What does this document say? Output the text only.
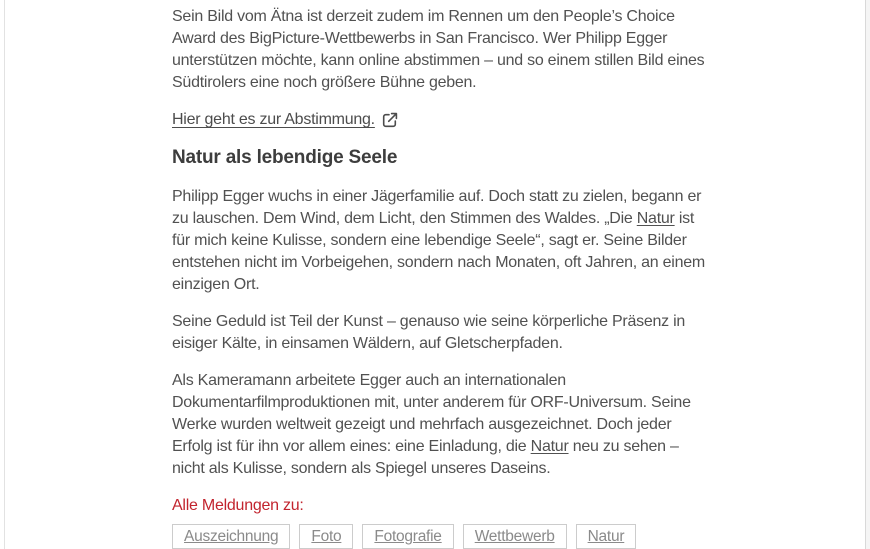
Sein Bild vom Ätna ist derzeit zudem im Rennen um den People’s Choice Award des BigPicture-Wettbewerbs in San Francisco. Wer Philipp Egger unterstützen möchte, kann online abstimmen – und so einem stillen Bild eines Südtirolers eine noch größere Bühne geben.

Hier geht es zur Abstimmung.
Natur als lebendige Seele

Philipp Egger wuchs in einer Jägerfamilie auf. Doch statt zu zielen, begann er zu lauschen. Dem Wind, dem Licht, den Stimmen des Waldes. „Die Natur ist für mich keine Kulisse, sondern eine lebendige Seele“, sagt er. Seine Bilder entstehen nicht im Vorbeigehen, sondern nach Monaten, oft Jahren, an einem einzigen Ort.

Seine Geduld ist Teil der Kunst – genauso wie seine körperliche Präsenz in eisiger Kälte, in einsamen Wäldern, auf Gletscherpfaden.

Als Kameramann arbeitete Egger auch an internationalen Dokumentarfilmproduktionen mit, unter anderem für ORF-Universum. Seine Werke wurden weltweit gezeigt und mehrfach ausgezeichnet. Doch jeder Erfolg ist für ihn vor allem eines: eine Einladung, die Natur neu zu sehen – nicht als Kulisse, sondern als Spiegel unseres Daseins.

Alle Meldungen zu:
Auszeichnung	Foto	Fotografie	Wettbewerb	Natur
